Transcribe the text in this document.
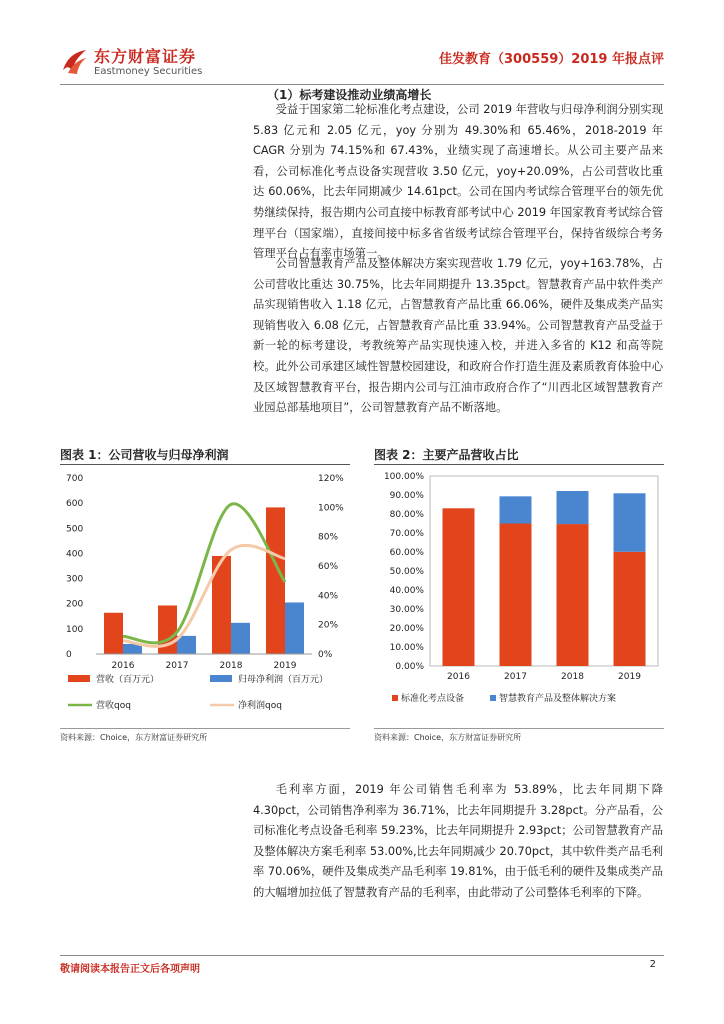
东方财富证券
Eastmoney Securities
佳发教育（300559）2019 年报点评
（1）标考建设推动业绩高增长

受益于国家第二轮标准化考点建设，公司 2019 年营收与归母净利润分别实现 5.83 亿元和 2.05 亿元，yoy 分别为 49.30%和 65.46%，2018-2019 年 CAGR 分别为 74.15%和 67.43%，业绩实现了高速增长。从公司主要产品来看，公司标准化考点设备实现营收 3.50 亿元，yoy+20.09%，占公司营收比重达 60.06%，比去年同期减少 14.61pct。公司在国内考试综合管理平台的领先优势继续保持，报告期内公司直接中标教育部考试中心 2019 年国家教育考试综合管理平台（国家端），直接间接中标多省省级考试综合管理平台，保持省级综合考务管理平台占有率市场第一。

公司智慧教育产品及整体解决方案实现营收 1.79 亿元，yoy+163.78%，占公司营收比重达 30.75%，比去年同期提升 13.35pct。智慧教育产品中软件类产品实现销售收入 1.18 亿元，占智慧教育产品比重 66.06%，硬件及集成类产品实现销售收入 6.08 亿元，占智慧教育产品比重 33.94%。公司智慧教育产品受益于新一轮的标考建设，考教统筹产品实现快速入校，并进入多省的 K12 和高等院校。此外公司承建区域性智慧校园建设，和政府合作打造生涯及素质教育体验中心及区域智慧教育平台，报告期内公司与江油市政府合作了“川西北区域智慧教育产业园总部基地项目”，公司智慧教育产品不断落地。

毛利率方面，2019 年公司销售毛利率为 53.89%，比去年同期下降 4.30pct，公司销售净利率为 36.71%，比去年同期提升 3.28pct。分产品看，公司标准化考点设备毛利率 59.23%，比去年同期提升 2.93pct；公司智慧教育产品及整体解决方案毛利率 53.00%,比去年同期减少 20.70pct，其中软件类产品毛利率 70.06%，硬件及集成类产品毛利率 19.81%，由于低毛利的硬件及集成类产品的大幅增加拉低了智慧教育产品的毛利率，由此带动了公司整体毛利率的下降。

图表 1：公司营收与归母净利润
0
100
200
300
400
500
600
700
0%
20%
40%
60%
80%
100%
120%
2016	2017	2018	2019
营收（百万元）	归母净利润（百万元）
营收qoq	净利润qoq
资料来源：Choice，东方财富证券研究所
图表 2：主要产品营收占比
0.00%
10.00%
20.00%
30.00%
40.00%
50.00%
60.00%
70.00%
80.00%
90.00%
100.00%
2016	2017	2018	2019
标准化考点设备	智慧教育产品及整体解决方案
资料来源：Choice，东方财富证券研究所
敬请阅读本报告正文后各项声明	2
